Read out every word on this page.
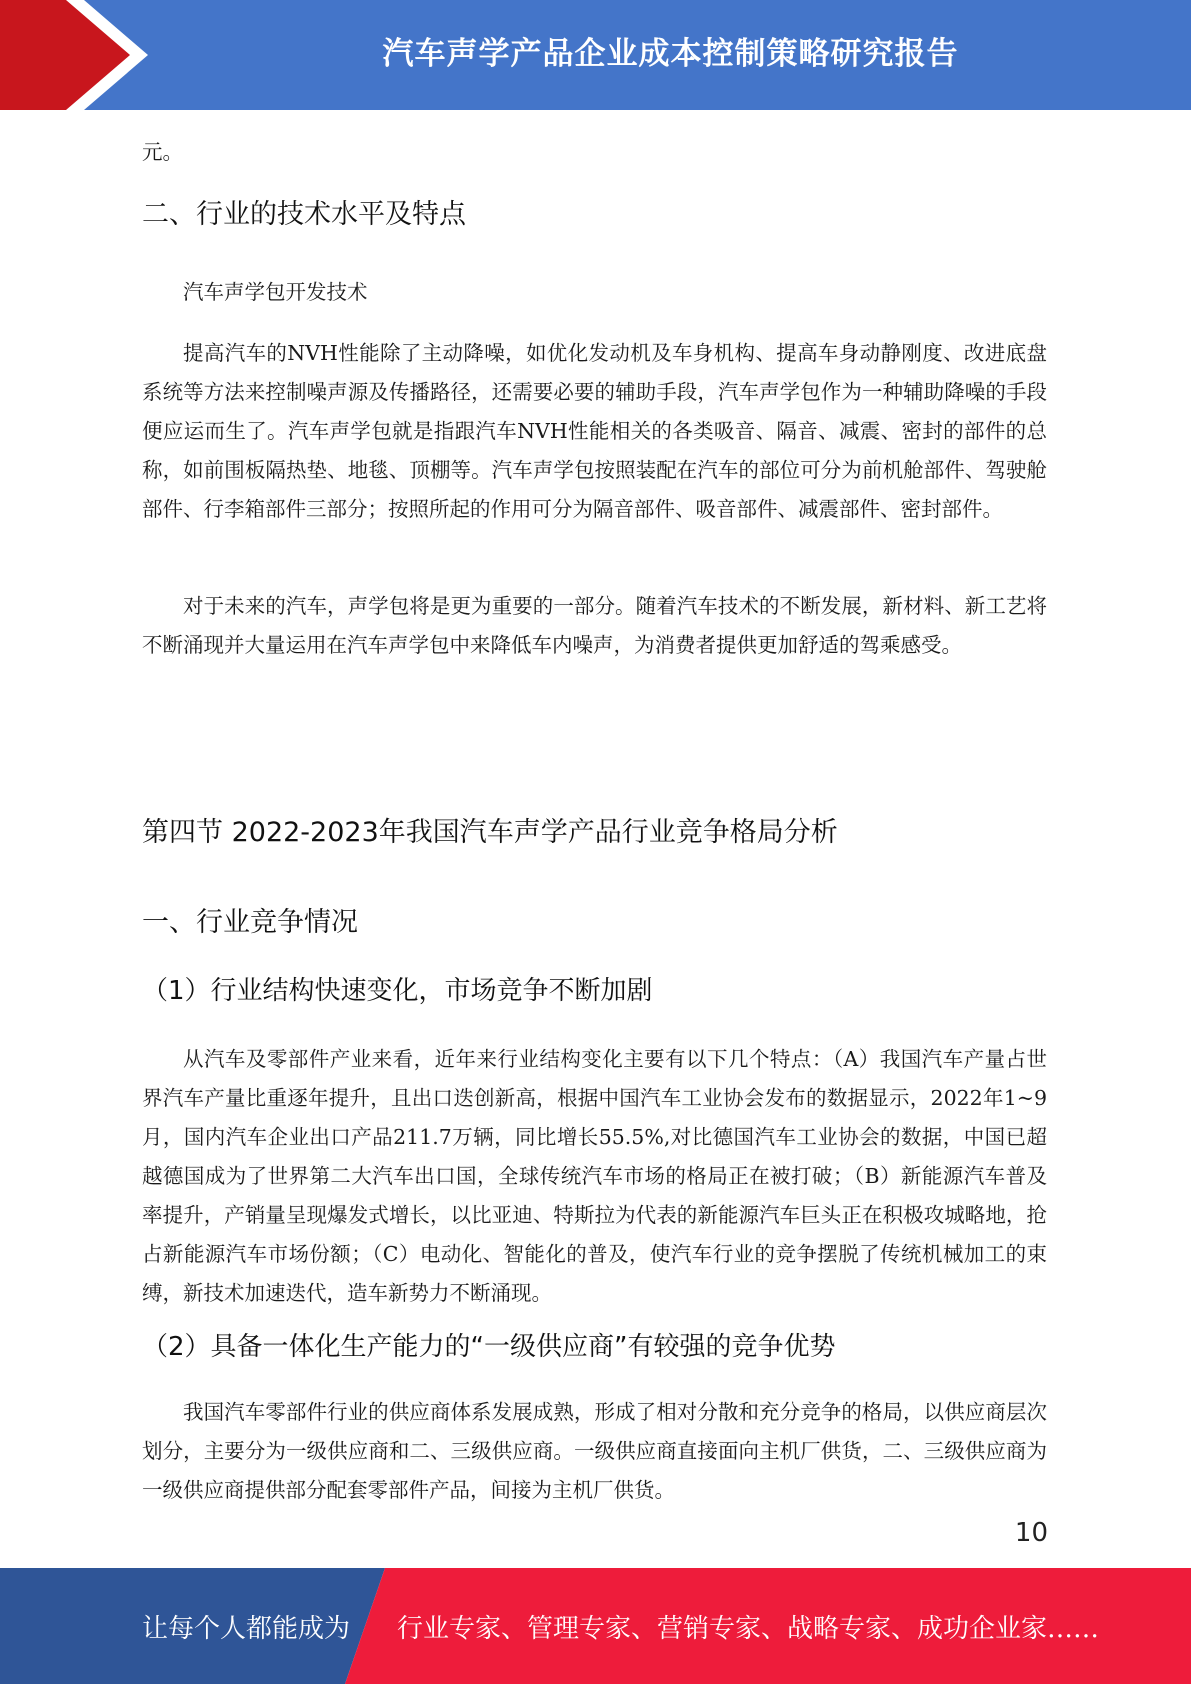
汽车声学产品企业成本控制策略研究报告

元。

二、行业的技术水平及特点

汽车声学包开发技术

提高汽车的NVH性能除了主动降噪，如优化发动机及车身机构、提高车身动静刚度、改进底盘系统等方法来控制噪声源及传播路径，还需要必要的辅助手段，汽车声学包作为一种辅助降噪的手段便应运而生了。汽车声学包就是指跟汽车NVH性能相关的各类吸音、隔音、减震、密封的部件的总称，如前围板隔热垫、地毯、顶棚等。汽车声学包按照装配在汽车的部位可分为前机舱部件、驾驶舱部件、行李箱部件三部分；按照所起的作用可分为隔音部件、吸音部件、减震部件、密封部件。

对于未来的汽车，声学包将是更为重要的一部分。随着汽车技术的不断发展，新材料、新工艺将不断涌现并大量运用在汽车声学包中来降低车内噪声，为消费者提供更加舒适的驾乘感受。

第四节 2022-2023年我国汽车声学产品行业竞争格局分析
一、行业竞争情况
（1）行业结构快速变化，市场竞争不断加剧

从汽车及零部件产业来看，近年来行业结构变化主要有以下几个特点：（A）我国汽车产量占世界汽车产量比重逐年提升，且出口迭创新高，根据中国汽车工业协会发布的数据显示，2022年1~9月，国内汽车企业出口产品211.7万辆，同比增长55.5%,对比德国汽车工业协会的数据，中国已超越德国成为了世界第二大汽车出口国，全球传统汽车市场的格局正在被打破；（B）新能源汽车普及率提升，产销量呈现爆发式增长，以比亚迪、特斯拉为代表的新能源汽车巨头正在积极攻城略地，抢占新能源汽车市场份额；（C）电动化、智能化的普及，使汽车行业的竞争摆脱了传统机械加工的束缚，新技术加速迭代，造车新势力不断涌现。

（2）具备一体化生产能力的“一级供应商”有较强的竞争优势

我国汽车零部件行业的供应商体系发展成熟，形成了相对分散和充分竞争的格局，以供应商层次划分，主要分为一级供应商和二、三级供应商。一级供应商直接面向主机厂供货，二、三级供应商为一级供应商提供部分配套零部件产品，间接为主机厂供货。

10
让每个人都能成为 行业专家、管理专家、营销专家、战略专家、成功企业家……
